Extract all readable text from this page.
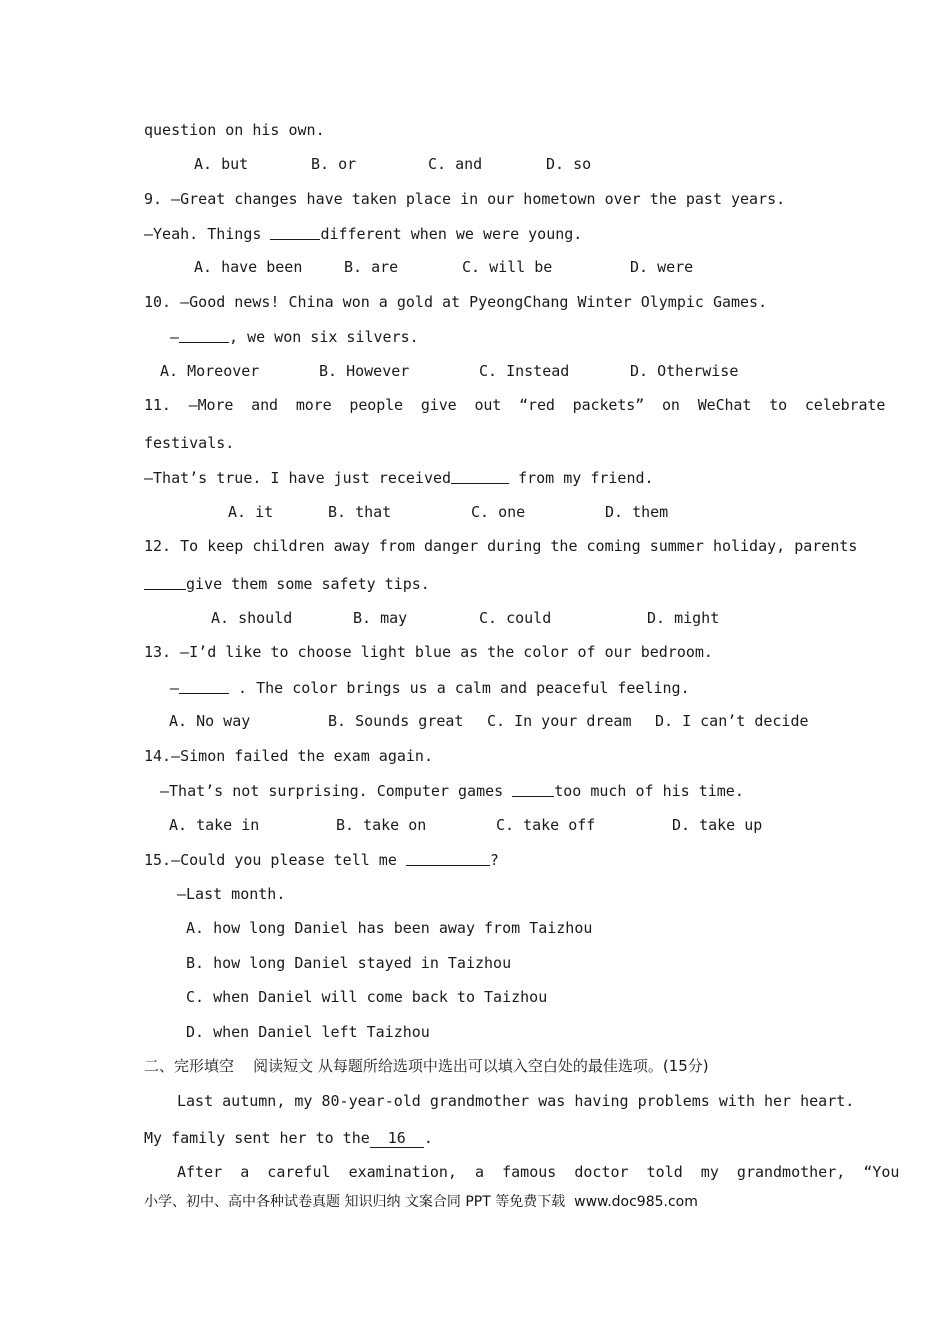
question on his own.
A. but	B. or	C. and	D. so
9. —Great changes have taken place in our hometown over the past years.
—Yeah. Things	different when we were young.
A. have been	B. are	C. will be	D. were
10. —Good news! China won a gold at PyeongChang Winter Olympic Games.
—	, we won six silvers.
A. Moreover	B. However	C. Instead	D. Otherwise
11.  —More  and  more  people  give  out  “red  packets”  on  WeChat  to  celebrate
festivals.
—That’s true. I have just received	from my friend.
A. it	B. that	C. one	D. them
12. To keep children away from danger during the coming summer holiday, parents
give them some safety tips.
A. should	B. may	C. could	D. might
13. —I’d like to choose light blue as the color of our bedroom.
—	. The color brings us a calm and peaceful feeling.
A. No way	B. Sounds great C. In your dream D. I can’t decide
14.—Simon failed the exam again.
—That’s not surprising. Computer games	too much of his time.
A. take in	B. take on	C. take off	D. take up
15.—Could you please tell me	?
—Last month.
A. how long Daniel has been away from Taizhou
B. how long Daniel stayed in Taizhou
C. when Daniel will come back to Taizhou
D. when Daniel left Taizhou
二、完形填空    阅读短文 从每题所给选项中选出可以填入空白处的最佳选项。(15分)
Last autumn, my 80-year-old grandmother was having problems with her heart.
My family sent her to the 16 .
After  a  careful  examination,  a  famous  doctor  told  my  grandmother,  “You
小学、初中、高中各种试卷真题 知识归纳 文案合同 PPT 等免费下载  www.doc985.com
